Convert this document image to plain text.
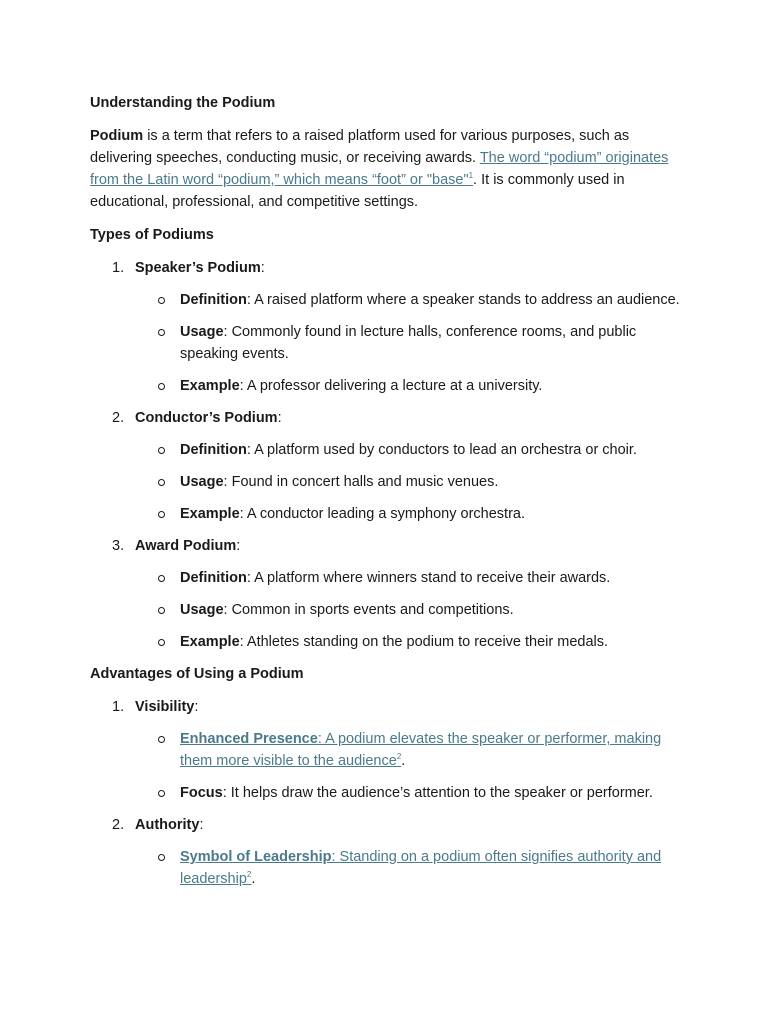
Understanding the Podium

Podium is a term that refers to a raised platform used for various purposes, such as delivering speeches, conducting music, or receiving awards. The word “podium” originates from the Latin word “podium,” which means “foot” or "base"$^1$. It is commonly used in educational, professional, and competitive settings.

Types of Podiums
1. Speaker’s Podium:
Definition: A raised platform where a speaker stands to address an audience.
Usage: Commonly found in lecture halls, conference rooms, and public speaking events.
Example: A professor delivering a lecture at a university.
2. Conductor’s Podium:
Definition: A platform used by conductors to lead an orchestra or choir.
Usage: Found in concert halls and music venues.
Example: A conductor leading a symphony orchestra.
3. Award Podium:
Definition: A platform where winners stand to receive their awards.
Usage: Common in sports events and competitions.
Example: Athletes standing on the podium to receive their medals.
Advantages of Using a Podium
1. Visibility:
Enhanced Presence: A podium elevates the speaker or performer, making them more visible to the audience$^2$.
Focus: It helps draw the audience’s attention to the speaker or performer.
2. Authority:
Symbol of Leadership: Standing on a podium often signifies authority and leadership$^2$.
